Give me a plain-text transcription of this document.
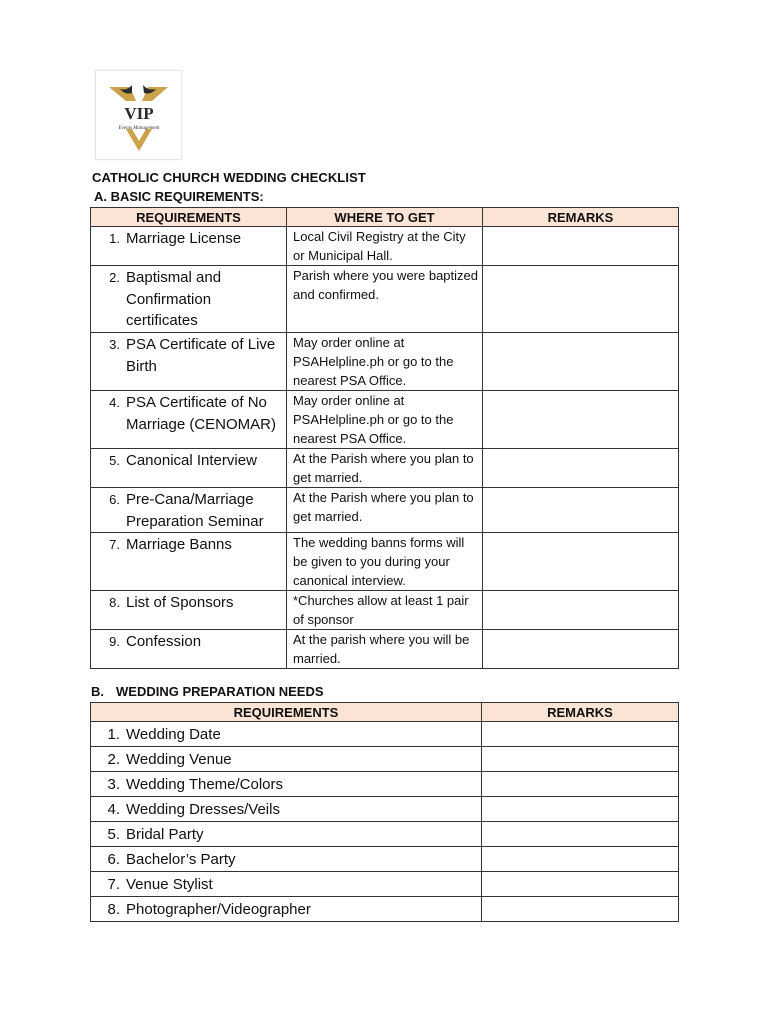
VIP
Events Management
CATHOLIC CHURCH WEDDING CHECKLIST
A. BASIC REQUIREMENTS:
REQUIREMENTS	WHERE TO GET	REMARKS

1. Marriage License	Local Civil Registry at the City or Municipal Hall.	

2. Baptismal and Confirmation certificates	Parish where you were baptized and confirmed.	

3. PSA Certificate of Live Birth	May order online at PSAHelpline.ph or go to the nearest PSA Office.	

4. PSA Certificate of No Marriage (CENOMAR)	May order online at PSAHelpline.ph or go to the nearest PSA Office.	

5. Canonical Interview	At the Parish where you plan to get married.	

6. Pre-Cana/Marriage Preparation Seminar	At the Parish where you plan to get married.	

7. Marriage Banns	The wedding banns forms will be given to you during your canonical interview.	

8. List of Sponsors	*Churches allow at least 1 pair of sponsor	

9. Confession	At the parish where you will be married.	
B. WEDDING PREPARATION NEEDS
REQUIREMENTS	REMARKS

1. Wedding Date	

2. Wedding Venue	

3. Wedding Theme/Colors	

4. Wedding Dresses/Veils	

5. Bridal Party	

6. Bachelor’s Party	

7. Venue Stylist	

8. Photographer/Videographer	
